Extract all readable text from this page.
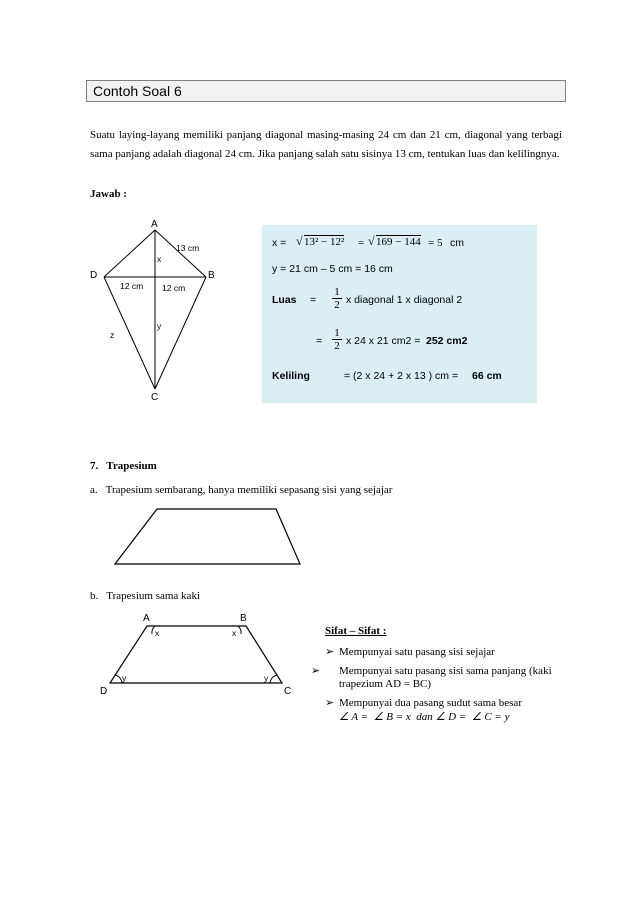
Contoh Soal 6
Suatu laying-layang memiliki panjang diagonal masing-masing 24 cm dan 21 cm, diagonal yang terbagi sama panjang adalah diagonal 24 cm. Jika panjang salah satu sisinya 13 cm, tentukan luas dan kelilingnya.
Jawab :
A
B
C
D
13 cm
12 cm 12 cm
x
y
z
x = √ 13² − 12² = √ 169 − 144 = 5 cm
y = 21 cm – 5 cm = 16 cm
Luas = $\frac{1}{2}$ x diagonal 1 x diagonal 2
= $\frac{1}{2}$ x 24 x 21 cm2 = 252 cm2
Keliling	= (2 x 24 + 2 x 13 ) cm = 66 cm
7.   Trapesium
a.   Trapesium sembarang, hanya memiliki sepasang sisi yang sejajar
b.   Trapesium sama kaki
A	B
C
D
x	x
y	y
Sifat – Sifat :
➢ Mempunyai satu pasang sisi sejajar
➢ Mempunyai satu pasang sisi sama panjang (kaki trapezium AD = BC)
➢ Mempunyai dua pasang sudut sama besar
∠ A =  ∠ B = x  dan ∠ D =  ∠ C = y
